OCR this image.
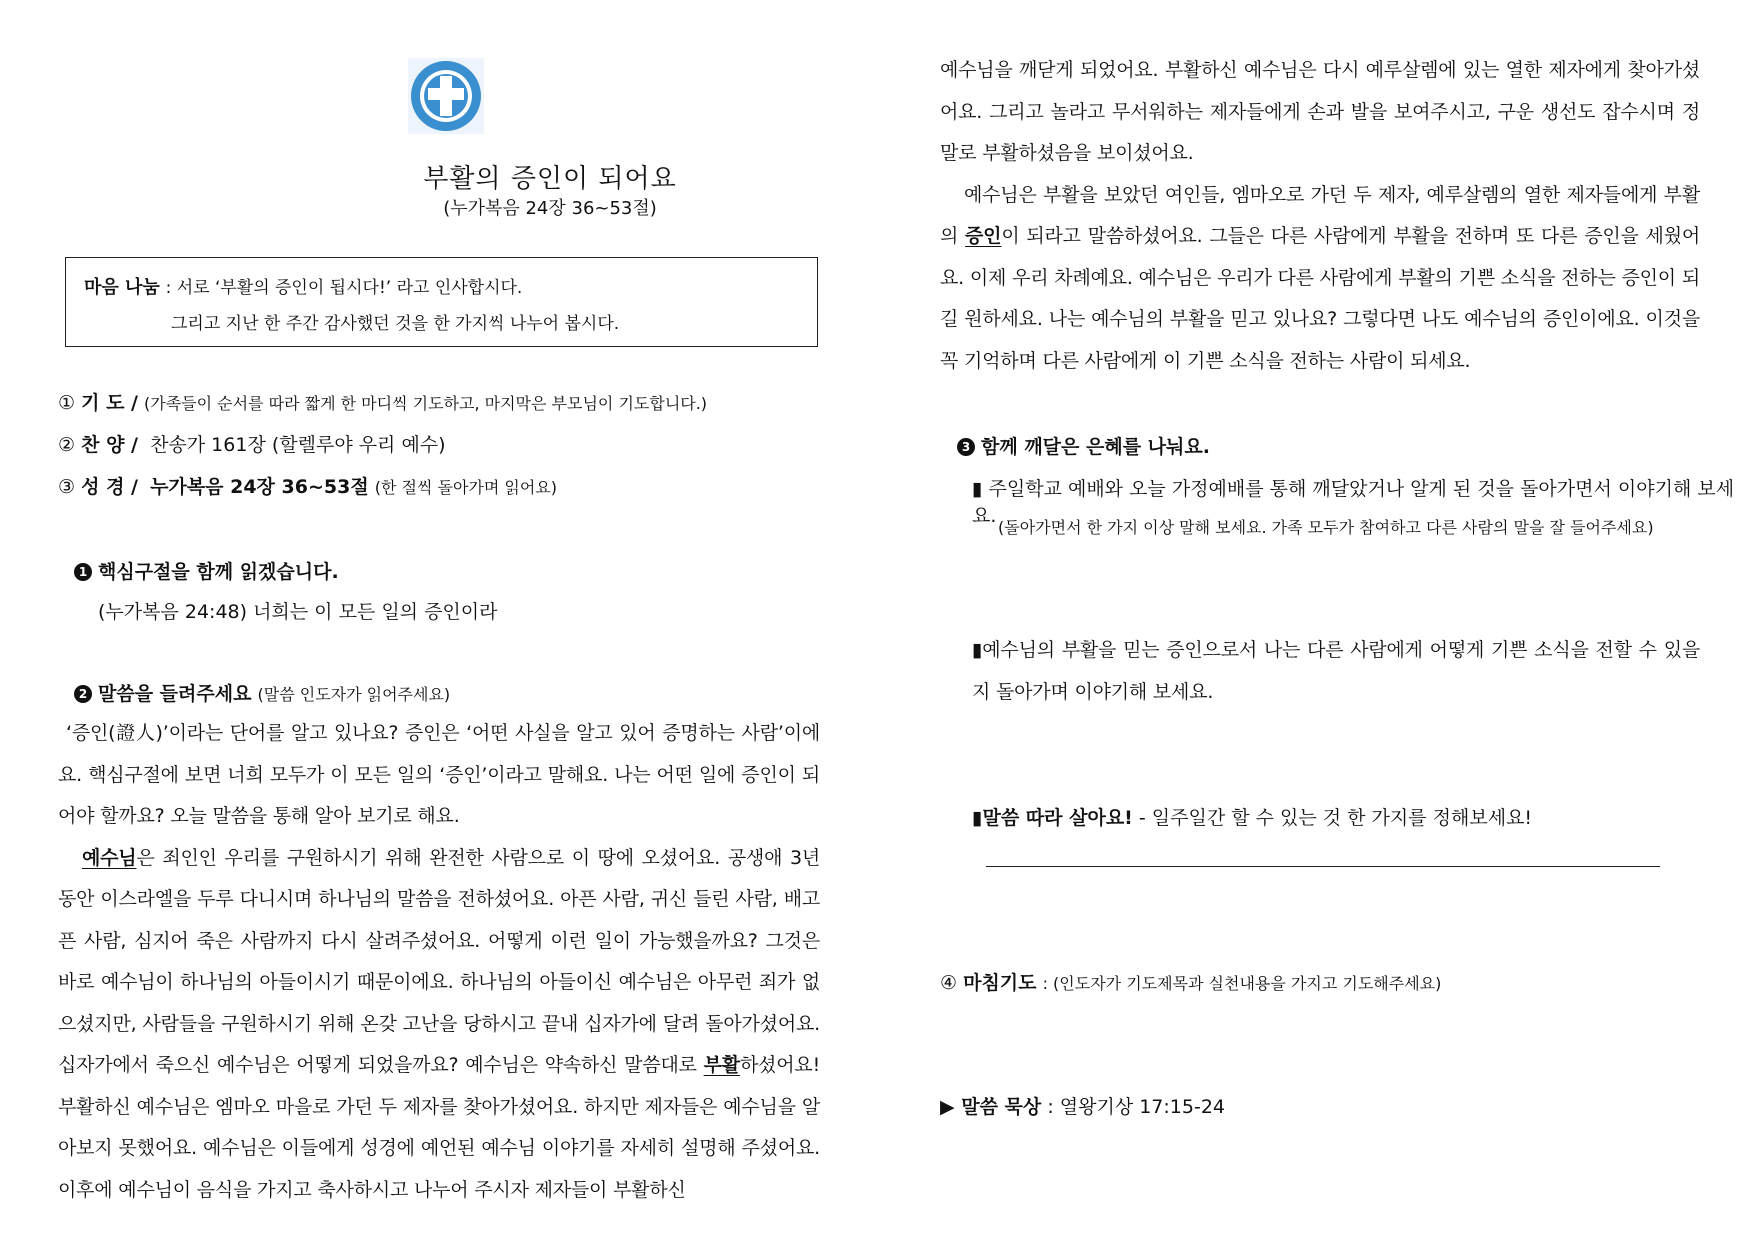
부활의 증인이 되어요
(누가복음 24장 36~53절)
마음 나눔 : 서로 ‘부활의 증인이 됩시다!’ 라고 인사합시다.
그리고 지난 한 주간 감사했던 것을 한 가지씩 나누어 봅시다.
① 기 도 / (가족들이 순서를 따라 짧게 한 마디씩 기도하고, 마지막은 부모님이 기도합니다.)
② 찬 양 / 찬송가 161장 (할렐루야 우리 예수)
③ 성 경 / 누가복음 24장 36~53절 (한 절씩 돌아가며 읽어요)
1 핵심구절을 함께 읽겠습니다.
(누가복음 24:48) 너희는 이 모든 일의 증인이라
2 말씀을 들려주세요 (말씀 인도자가 읽어주세요)

‘증인(證人)’이라는 단어를 알고 있나요? 증인은 ‘어떤 사실을 알고 있어 증명하는 사람’이에요. 핵심구절에 보면 너희 모두가 이 모든 일의 ‘증인’이라고 말해요. 나는 어떤 일에 증인이 되어야 할까요? 오늘 말씀을 통해 알아 보기로 해요.

예수님은 죄인인 우리를 구원하시기 위해 완전한 사람으로 이 땅에 오셨어요. 공생애 3년 동안 이스라엘을 두루 다니시며 하나님의 말씀을 전하셨어요. 아픈 사람, 귀신 들린 사람, 배고픈 사람, 심지어 죽은 사람까지 다시 살려주셨어요. 어떻게 이런 일이 가능했을까요? 그것은 바로 예수님이 하나님의 아들이시기 때문이에요. 하나님의 아들이신 예수님은 아무런 죄가 없으셨지만, 사람들을 구원하시기 위해 온갖 고난을 당하시고 끝내 십자가에 달려 돌아가셨어요. 십자가에서 죽으신 예수님은 어떻게 되었을까요? 예수님은 약속하신 말씀대로 부활하셨어요! 부활하신 예수님은 엠마오 마을로 가던 두 제자를 찾아가셨어요. 하지만 제자들은 예수님을 알아보지 못했어요. 예수님은 이들에게 성경에 예언된 예수님 이야기를 자세히 설명해 주셨어요. 이후에 예수님이 음식을 가지고 축사하시고 나누어 주시자 제자들이 부활하신

예수님을 깨닫게 되었어요. 부활하신 예수님은 다시 예루살렘에 있는 열한 제자에게 찾아가셨어요. 그리고 놀라고 무서워하는 제자들에게 손과 발을 보여주시고, 구운 생선도 잡수시며 정말로 부활하셨음을 보이셨어요.

예수님은 부활을 보았던 여인들, 엠마오로 가던 두 제자, 예루살렘의 열한 제자들에게 부활의 증인이 되라고 말씀하셨어요. 그들은 다른 사람에게 부활을 전하며 또 다른 증인을 세웠어요. 이제 우리 차례예요. 예수님은 우리가 다른 사람에게 부활의 기쁜 소식을 전하는 증인이 되길 원하세요. 나는 예수님의 부활을 믿고 있나요? 그렇다면 나도 예수님의 증인이에요. 이것을 꼭 기억하며 다른 사람에게 이 기쁜 소식을 전하는 사람이 되세요.

3 함께 깨달은 은혜를 나눠요.
▮ 주일학교 예배와 오늘 가정예배를 통해 깨달았거나 알게 된 것을 돌아가면서 이야기해 보세요.
(돌아가면서 한 가지 이상 말해 보세요. 가족 모두가 참여하고 다른 사람의 말을 잘 들어주세요)
▮예수님의 부활을 믿는 증인으로서 나는 다른 사람에게 어떻게 기쁜 소식을 전할 수 있을지 돌아가며 이야기해 보세요.
▮말씀 따라 살아요! - 일주일간 할 수 있는 것 한 가지를 정해보세요!
④ 마침기도 : (인도자가 기도제목과 실천내용을 가지고 기도해주세요)
▶ 말씀 묵상 : 열왕기상 17:15-24
